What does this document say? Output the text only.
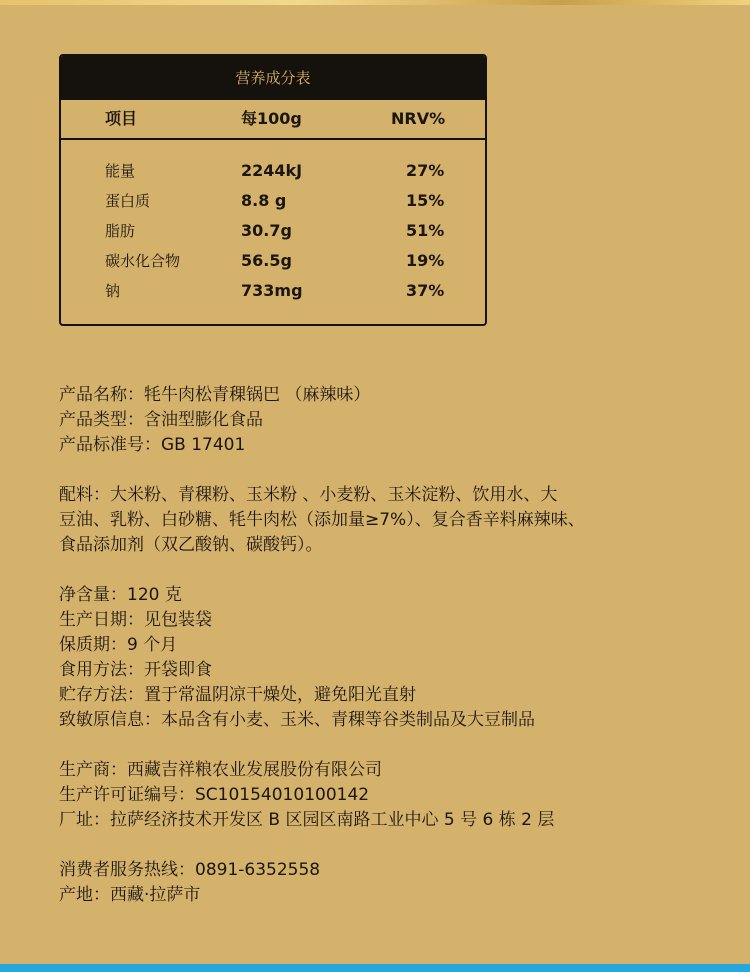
营养成分表
项目	每100g	NRV%
能量	2244kJ	27%
蛋白质	8.8 g	15%
脂肪	30.7g	51%
碳水化合物	56.5g	19%
钠	733mg	37%

产品名称：牦牛肉松青稞锅巴 （麻辣味）

产品类型：含油型膨化食品

产品标准号：GB 17401

配料：大米粉、青稞粉、玉米粉 、小麦粉、玉米淀粉、饮用水、大

豆油、乳粉、白砂糖、牦牛肉松（添加量≥7%）、复合香辛料麻辣味、

食品添加剂（双乙酸钠、碳酸钙）。

净含量：120 克

生产日期：见包装袋

保质期：9 个月

食用方法：开袋即食

贮存方法：置于常温阴凉干燥处，避免阳光直射

致敏原信息：本品含有小麦、玉米、青稞等谷类制品及大豆制品

生产商：西藏吉祥粮农业发展股份有限公司

生产许可证编号：SC10154010100142

厂址：拉萨经济技术开发区 B 区园区南路工业中心 5 号 6 栋 2 层

消费者服务热线：0891-6352558

产地：西藏·拉萨市
